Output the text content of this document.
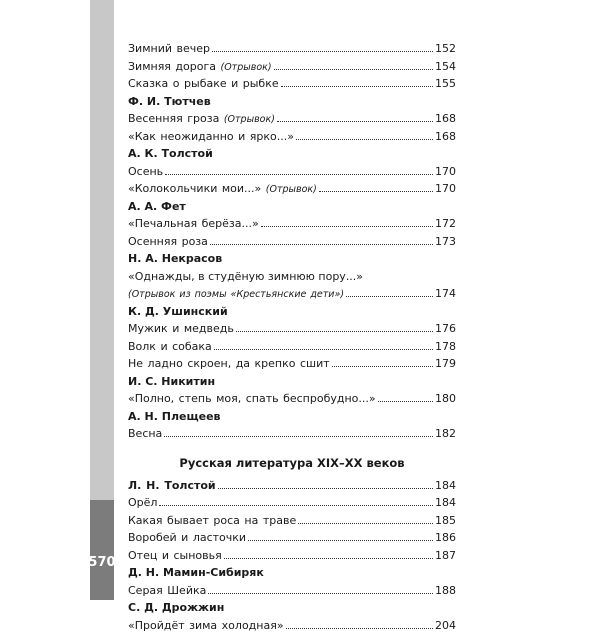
570
Зимний вечер	152
Зимняя дорога (Отрывок)	154
Сказка о рыбаке и рыбке	155
Ф. И. Тютчев
Весенняя гроза (Отрывок)	168
«Как неожиданно и ярко...»	168
А. К. Толстой
Осень	170
«Колокольчики мои...» (Отрывок)	170
А. А. Фет
«Печальная берёза...»	172
Осенняя роза	173
Н. А. Некрасов
«Однажды, в студёную зимнюю пору...»
(Отрывок из поэмы «Крестьянские дети»)	174
К. Д. Ушинский
Мужик и медведь	176
Волк и собака	178
Не ладно скроен, да крепко сшит	179
И. С. Никитин
«Полно, степь моя, спать беспробудно...»	180
А. Н. Плещеев
Весна	182
Русская литература XIX–XX веков
Л. Н. Толстой	184
Орёл	184
Какая бывает роса на траве	185
Воробей и ласточки	186
Отец и сыновья	187
Д. Н. Мамин-Сибиряк
Серая Шейка	188
С. Д. Дрожжин
«Пройдёт зима холодная»	204
